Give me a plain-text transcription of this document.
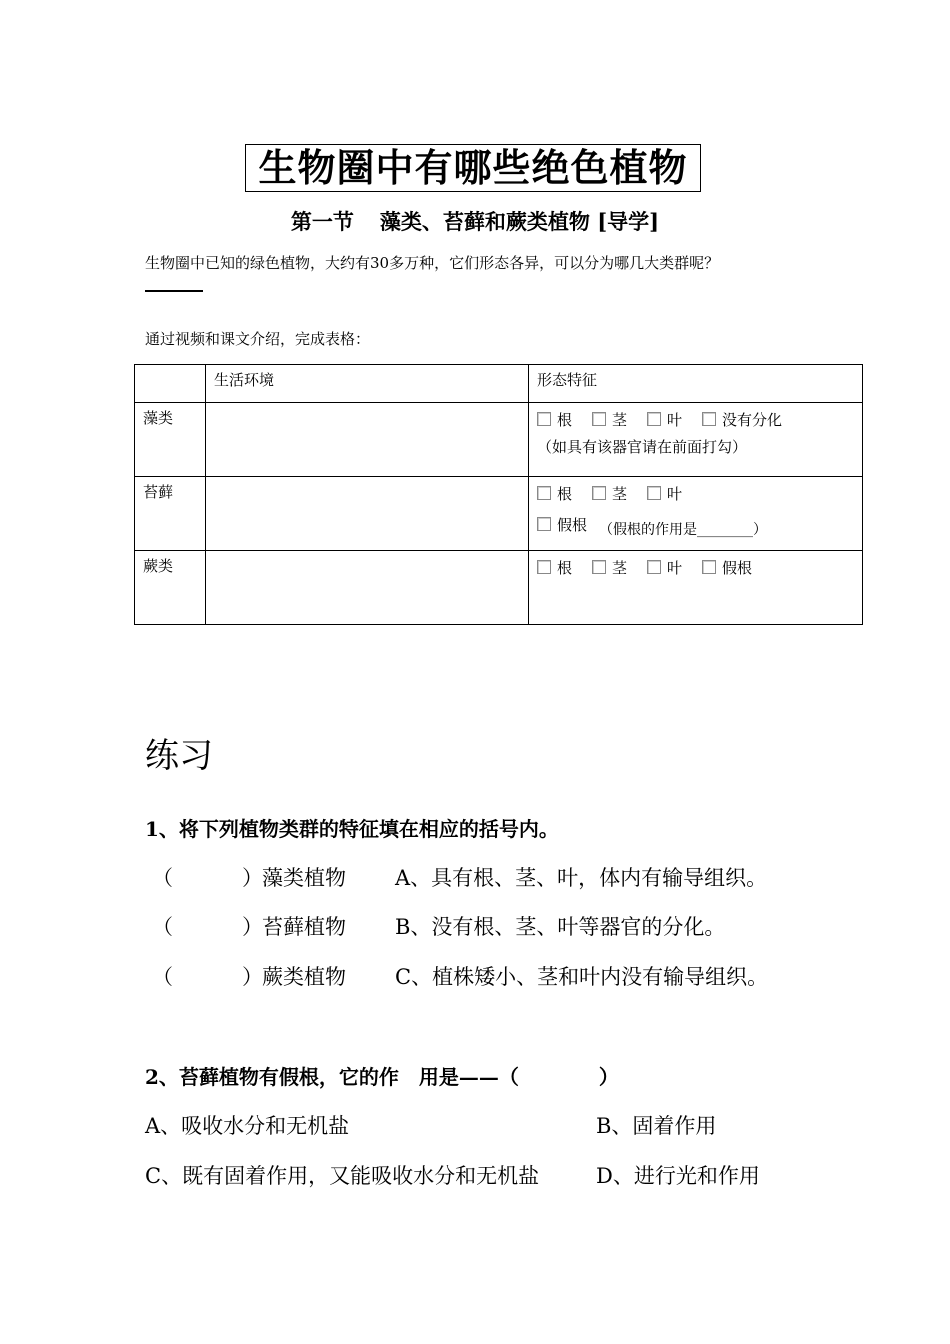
生物圈中有哪些绝色植物
第一节 藻类、苔藓和蕨类植物 [导学]
生物圈中已知的绿色植物，大约有30多万种，它们形态各异，可以分为哪几大类群呢？
通过视频和课文介绍，完成表格：
	生活环境	形态特征
藻类		根 茎 叶 没有分化
（如具有该器官请在前面打勾）

苔藓		根 茎 叶
假根 （假根的作用是________）

蕨类		根 茎 叶 假根
练习
1、将下列植物类群的特征填在相应的括号内。
（	） 藻类植物 A、具有根、茎、叶，体内有输导组织。
（	） 苔藓植物 B、没有根、茎、叶等器官的分化。
（	） 蕨类植物 C、植株矮小、茎和叶内没有输导组织。
2、苔藓植物有假根，它的作　用是——（　　　　）
A、吸收水分和无机盐	B、固着作用
C、既有固着作用，又能吸收水分和无机盐	D、进行光和作用
